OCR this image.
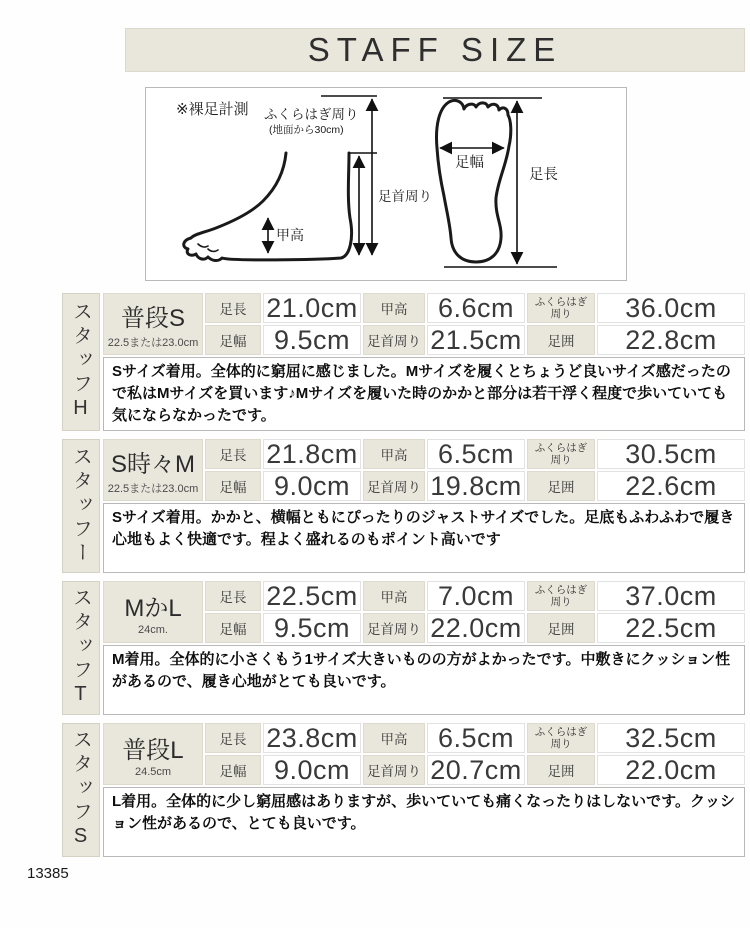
STAFF SIZE
※裸足計測 ふくらはぎ周り
(地面から30cm)
足首周り
甲高
足幅
足長
スタッフH 普段S
22.5または23.0cm
足長 21.0cm	甲高	6.6cm	ふくらはぎ周り	36.0cm
足幅	9.5cm	足首周り 21.5cm	足囲	22.8cm
Sサイズ着用。全体的に窮屈に感じました。Mサイズを履くとちょうど良いサイズ感だったので私はMサイズを買います♪Mサイズを履いた時のかかと部分は若干浮く程度で歩いていても気にならなかったです。
スタッフー S時々M
22.5または23.0cm
足長 21.8cm	甲高	6.5cm	ふくらはぎ周り	30.5cm
足幅	9.0cm	足首周り 19.8cm	足囲	22.6cm
Sサイズ着用。かかと、横幅ともにぴったりのジャストサイズでした。足底もふわふわで履き心地もよく快適です。程よく盛れるのもポイント高いです
スタッフT MかL
24cm.
足長 22.5cm	甲高	7.0cm	ふくらはぎ周り	37.0cm
足幅	9.5cm	足首周り 22.0cm	足囲	22.5cm
M着用。全体的に小さくもう1サイズ大きいものの方がよかったです。中敷きにクッション性があるので、履き心地がとても良いです。
スタッフS 普段L
24.5cm
足長 23.8cm	甲高	6.5cm	ふくらはぎ周り	32.5cm
足幅	9.0cm	足首周り 20.7cm	足囲	22.0cm
L着用。全体的に少し窮屈感はありますが、歩いていても痛くなったりはしないです。クッション性があるので、とても良いです。
13385
